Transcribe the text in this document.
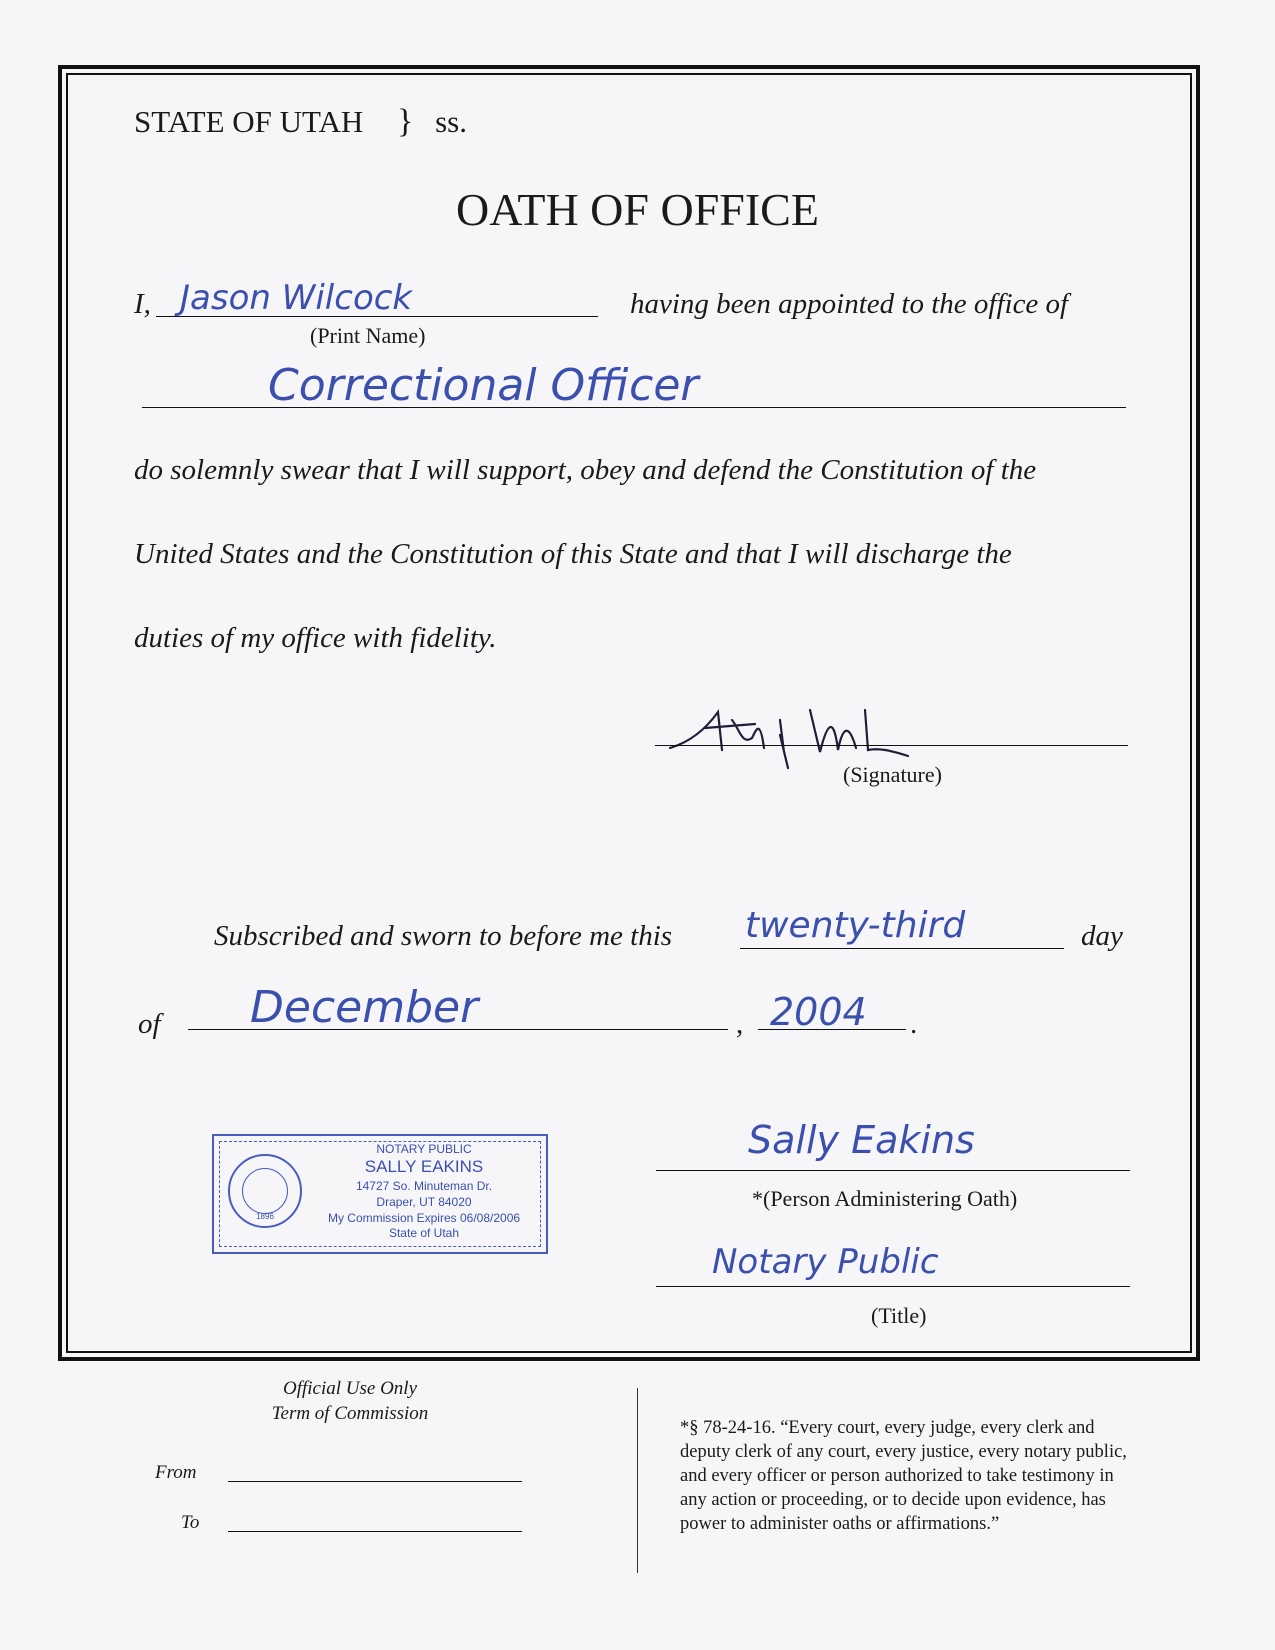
STATE OF UTAH } ss.
OATH OF OFFICE
I, Jason Wilcock
(Print Name)
having been appointed to the office of
Correctional Officer
do solemnly swear that I will support, obey and defend the Constitution of the
United States and the Constitution of this State and that I will discharge the
duties of my office with fidelity.
(Signature)
Subscribed and sworn to before me this twenty-third	day
of December	, 2004 .
1896
NOTARY PUBLIC
SALLY EAKINS
14727 So. Minuteman Dr.
Draper, UT 84020
My Commission Expires 06/08/2006
State of Utah
Sally Eakins
*(Person Administering Oath)
Notary Public
(Title)
Official Use Only
Term of Commission
From
To
*§ 78-24-16. “Every court, every judge, every clerk and
deputy clerk of any court, every justice, every notary public,
and every officer or person authorized to take testimony in
any action or proceeding, or to decide upon evidence, has
power to administer oaths or affirmations.”
